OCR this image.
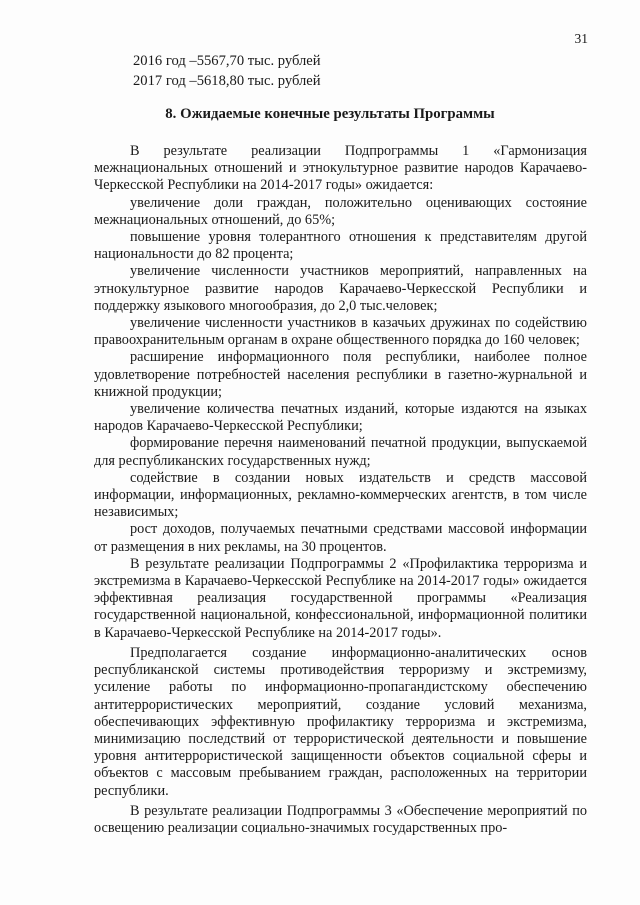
31
2016 год –5567,70 тыс. рублей
2017 год –5618,80 тыс. рублей
8. Ожидаемые конечные результаты Программы

В результате реализации Подпрограммы 1 «Гармонизация межнациональных отношений и этнокультурное развитие народов Карачаево-Черкесской Республики на 2014-2017 годы» ожидается:

увеличение доли граждан, положительно оценивающих состояние межнациональных отношений, до 65%;

повышение уровня толерантного отношения к представителям другой национальности до 82 процента;

увеличение численности участников мероприятий, направленных на этнокультурное развитие народов Карачаево-Черкесской Республики и поддержку языкового многообразия, до 2,0 тыс.человек;

увеличение численности участников в казачьих дружинах по содействию правоохранительным органам в охране общественного порядка до 160 человек;

расширение информационного поля республики, наиболее полное удовлетворение потребностей населения республики в газетно-журнальной и книжной продукции;

увеличение количества печатных изданий, которые издаются на языках народов Карачаево-Черкесской Республики;

формирование перечня наименований печатной продукции, выпускаемой для республиканских государственных нужд;

содействие в создании новых издательств и средств массовой информации, информационных, рекламно-коммерческих агентств, в том числе независимых;

рост доходов, получаемых печатными средствами массовой информации от размещения в них рекламы, на 30 процентов.

В результате реализации Подпрограммы 2 «Профилактика терроризма и экстремизма в Карачаево-Черкесской Республике на 2014-2017 годы» ожидается эффективная реализация государственной программы «Реализация государственной национальной, конфессиональной, информационной политики в Карачаево-Черкесской Республике на 2014-2017 годы».

Предполагается создание информационно-аналитических основ республиканской системы противодействия терроризму и экстремизму, усиление работы по информационно-пропагандистскому обеспечению антитеррористических мероприятий, создание условий механизма, обеспечивающих эффективную профилактику терроризма и экстремизма, минимизацию последствий от террористической деятельности и повышение уровня антитеррористической защищенности объектов социальной сферы и объектов с массовым пребыванием граждан, расположенных на территории республики.

В результате реализации Подпрограммы 3 «Обеспечение мероприятий по освещению реализации социально-значимых государственных про-
